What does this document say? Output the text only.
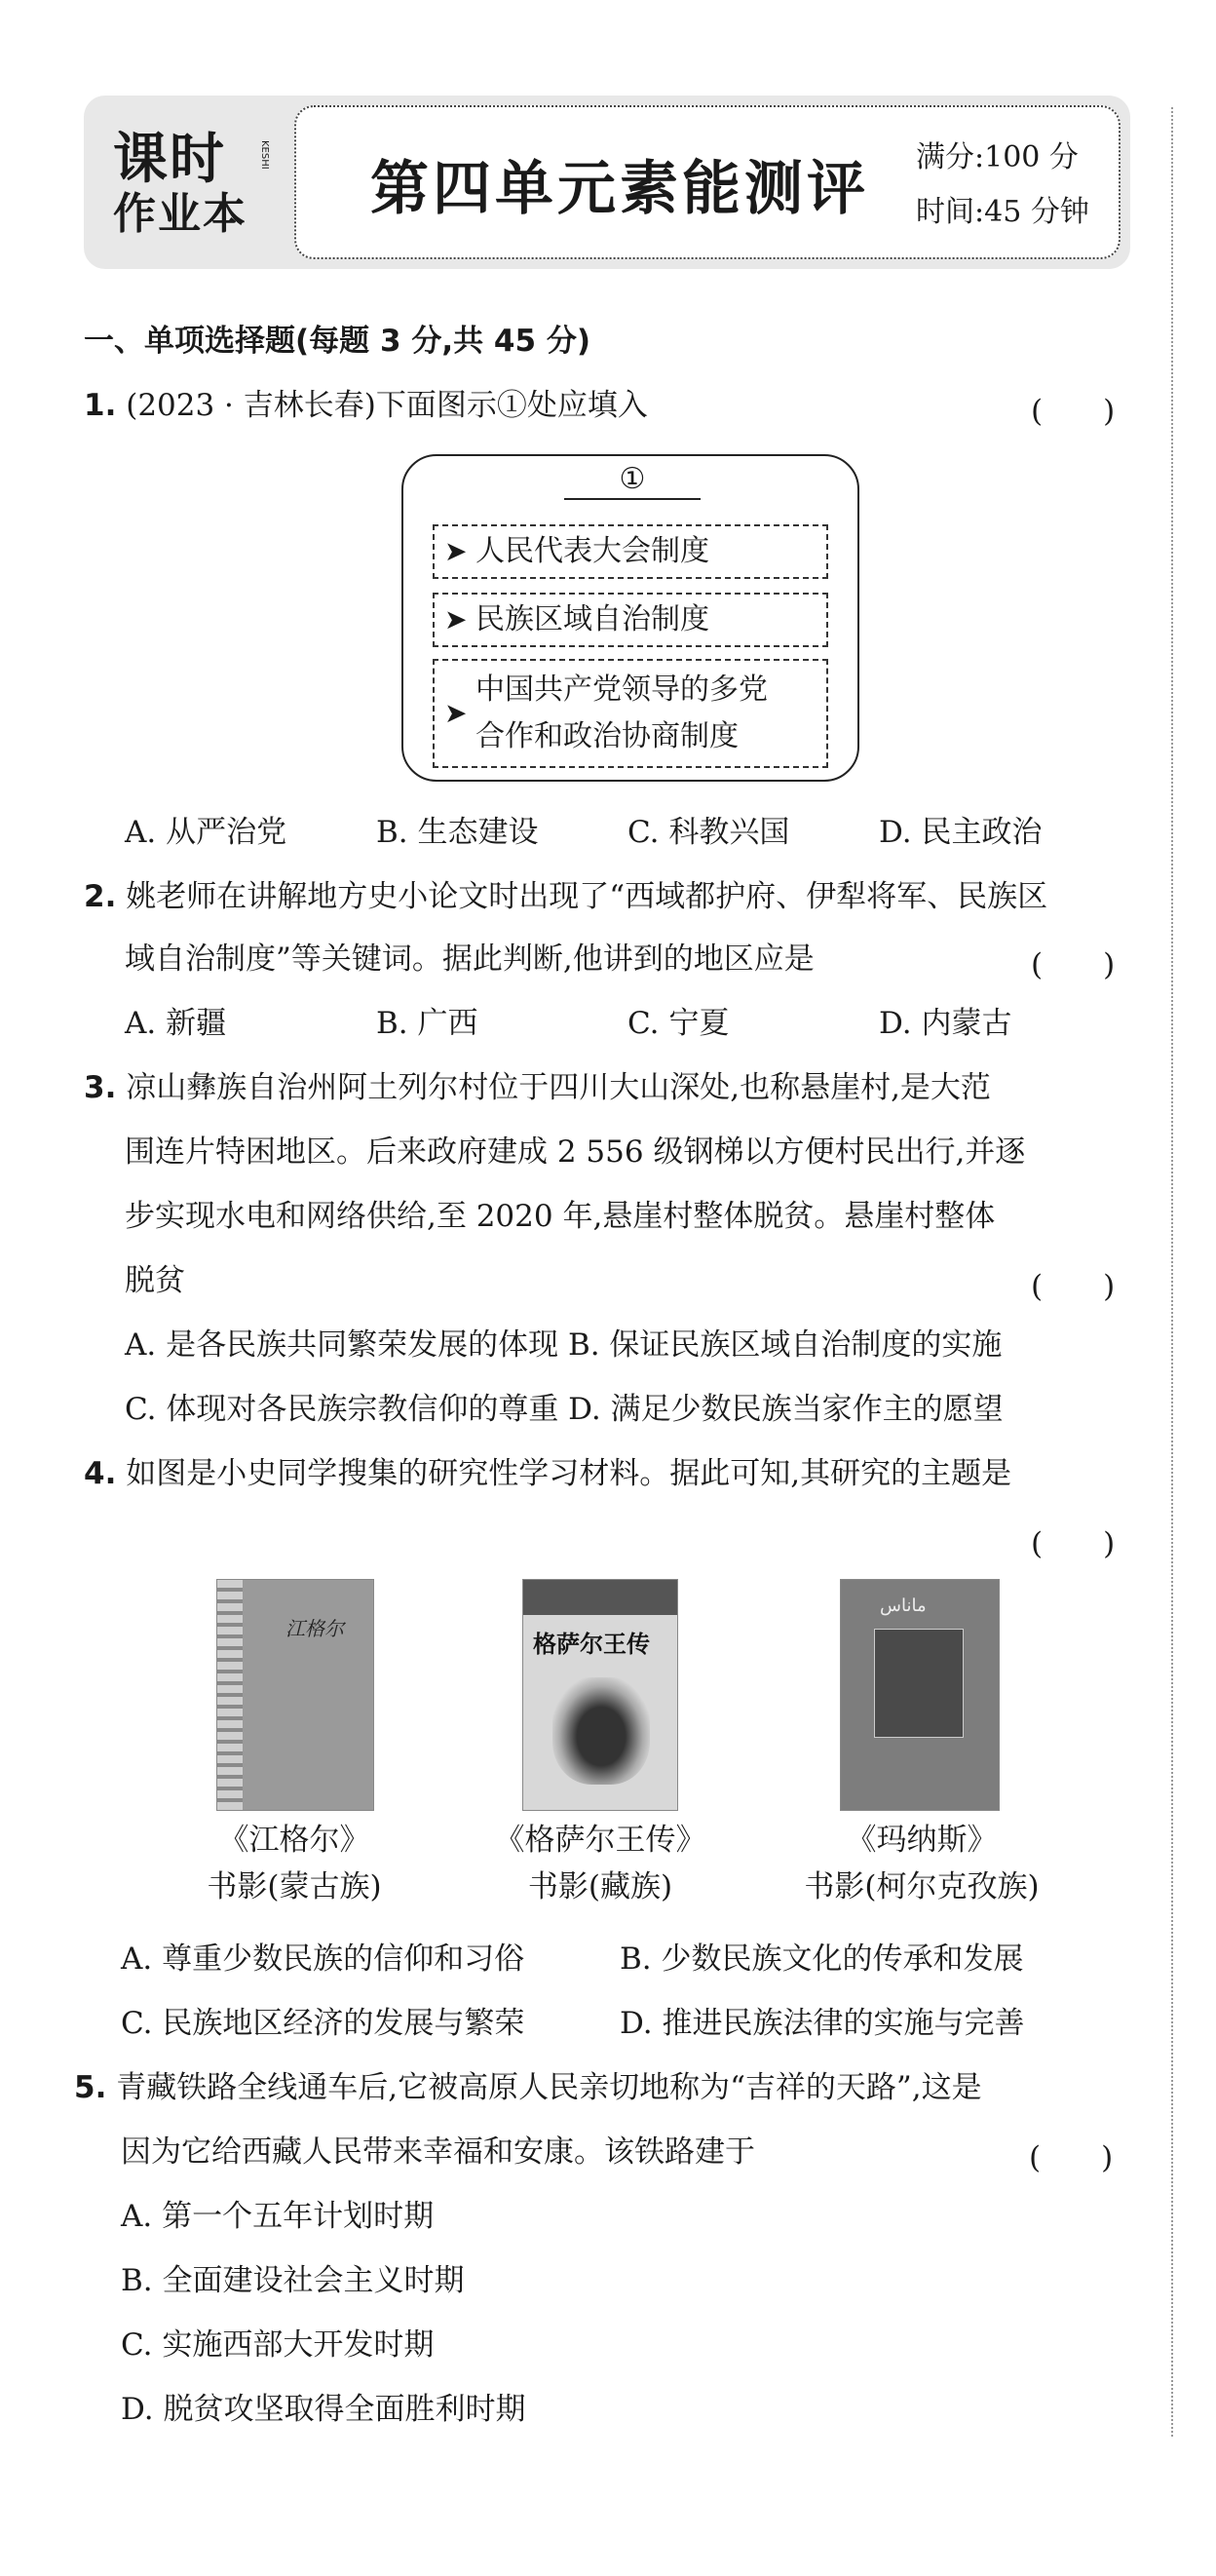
课时
作业本
KESHI
第四单元素能测评 满分:100 分
时间:45 分钟
一、单项选择题(每题 3 分,共 45 分)
1. (2023 · 吉林长春)下面图示①处应填入	(　　)
①
➤ 人民代表大会制度
➤ 民族区域自治制度
➤
中国共产党领导的多党
合作和政治协商制度
A. 从严治党	B. 生态建设	C. 科教兴国	D. 民主政治
2. 姚老师在讲解地方史小论文时出现了“西域都护府、伊犁将军、民族区
域自治制度”等关键词。据此判断,他讲到的地区应是	(　　)
A. 新疆	B. 广西	C. 宁夏	D. 内蒙古
3. 凉山彝族自治州阿土列尔村位于四川大山深处,也称悬崖村,是大范
围连片特困地区。后来政府建成 2 556 级钢梯以方便村民出行,并逐
步实现水电和网络供给,至 2020 年,悬崖村整体脱贫。悬崖村整体
脱贫	(　　)
A. 是各民族共同繁荣发展的体现 B. 保证民族区域自治制度的实施
C. 体现对各民族宗教信仰的尊重 D. 满足少数民族当家作主的愿望
4. 如图是小史同学搜集的研究性学习材料。据此可知,其研究的主题是
(　　)
江格尔
格萨尔王传
ماناس
《江格尔》
书影(蒙古族)
《格萨尔王传》
书影(藏族)
《玛纳斯》
书影(柯尔克孜族)
A. 尊重少数民族的信仰和习俗	B. 少数民族文化的传承和发展
C. 民族地区经济的发展与繁荣	D. 推进民族法律的实施与完善
5. 青藏铁路全线通车后,它被高原人民亲切地称为“吉祥的天路”,这是
因为它给西藏人民带来幸福和安康。该铁路建于	(　　)
A. 第一个五年计划时期
B. 全面建设社会主义时期
C. 实施西部大开发时期
D. 脱贫攻坚取得全面胜利时期
